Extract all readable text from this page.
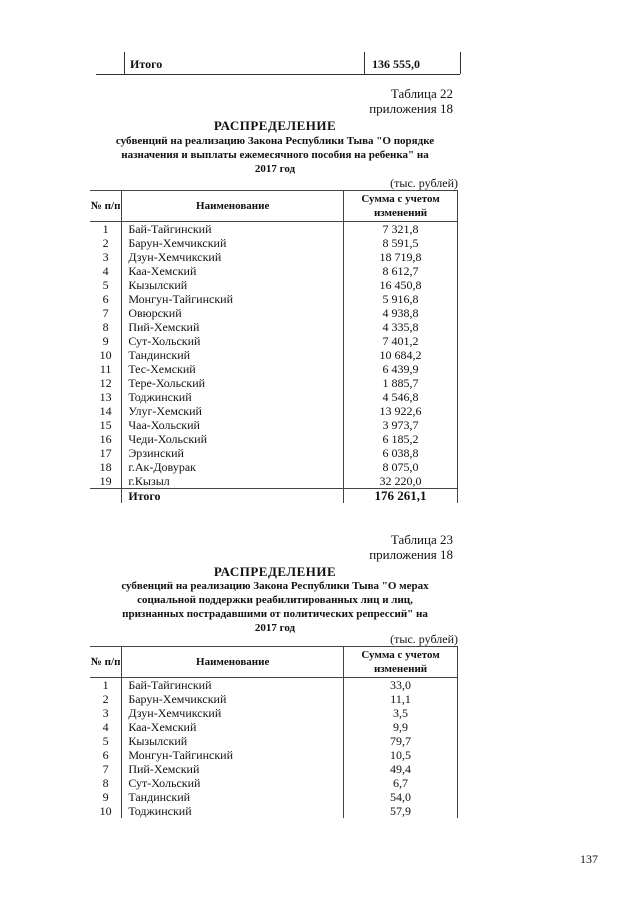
Итого	136 555,0
Таблица 22
приложения 18
РАСПРЕДЕЛЕНИЕ
субвенций на реализацию Закона Республики Тыва "О порядке
назначения и выплаты ежемесячного пособия на ребенка" на
2017 год
(тыс. рублей)
№ п/п	Наименование	Сумма с учетом изменений
1	Бай-Тайгинский	7 321,8
2	Барун-Хемчикский	8 591,5
3	Дзун-Хемчикский	18 719,8
4	Каа-Хемский	8 612,7
5	Кызылский	16 450,8
6	Монгун-Тайгинский	5 916,8
7	Овюрский	4 938,8
8	Пий-Хемский	4 335,8
9	Сут-Хольский	7 401,2
10	Тандинский	10 684,2
11	Тес-Хемский	6 439,9
12	Тере-Хольский	1 885,7
13	Тоджинский	4 546,8
14	Улуг-Хемский	13 922,6
15	Чаа-Хольский	3 973,7
16	Чеди-Хольский	6 185,2
17	Эрзинский	6 038,8
18	г.Ак-Довурак	8 075,0
19	г.Кызыл	32 220,0
	Итого	176 261,1
Таблица 23
приложения 18
РАСПРЕДЕЛЕНИЕ
субвенций на реализацию Закона Республики Тыва "О мерах
социальной поддержки реабилитированных лиц и лиц,
признанных пострадавшими от политических репрессий" на
2017 год
(тыс. рублей)
№ п/п	Наименование	Сумма с учетом изменений
1	Бай-Тайгинский	33,0
2	Барун-Хемчикский	11,1
3	Дзун-Хемчикский	3,5
4	Каа-Хемский	9,9
5	Кызылский	79,7
6	Монгун-Тайгинский	10,5
7	Пий-Хемский	49,4
8	Сут-Хольский	6,7
9	Тандинский	54,0
10	Тоджинский	57,9
137
